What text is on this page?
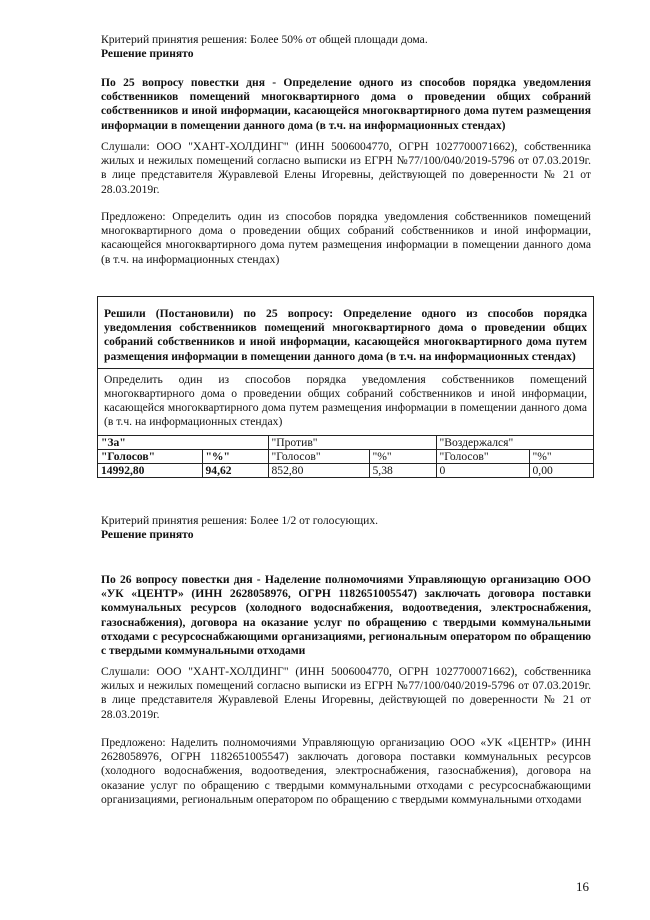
Критерий принятия решения: Более 50% от общей площади дома.

Решение принято

По 25 вопросу повестки дня - Определение одного из способов порядка уведомления собственников помещений многоквартирного дома о проведении общих собраний собственников и иной информации, касающейся многоквартирного дома путем размещения информации в помещении данного дома (в т.ч. на информационных стендах)

Слушали: ООО "ХАНТ-ХОЛДИНГ" (ИНН 5006004770, ОГРН 1027700071662), собственника жилых и нежилых помещений согласно выписки из ЕГРН №77/100/040/2019-5796 от 07.03.2019г. в лице представителя Журавлевой Елены Игоревны, действующей по доверенности № 21 от 28.03.2019г.

Предложено: Определить один из способов порядка уведомления собственников помещений многоквартирного дома о проведении общих собраний собственников и иной информации, касающейся многоквартирного дома путем размещения информации в помещении данного дома (в т.ч. на информационных стендах)

Решили (Постановили) по 25 вопросу: Определение одного из способов порядка уведомления собственников помещений многоквартирного дома о проведении общих собраний собственников и иной информации, касающейся многоквартирного дома путем размещения информации в помещении данного дома (в т.ч. на информационных стендах)
Определить один из способов порядка уведомления собственников помещений многоквартирного дома о проведении общих собраний собственников и иной информации, касающейся многоквартирного дома путем размещения информации в помещении данного дома (в т.ч. на информационных стендах)
"За"		"Против"		"Воздержался"	
"Голосов"	"%"	"Голосов"	"%"	"Голосов"	"%"
14992,80	94,62	852,80	5,38	0	0,00

Критерий принятия решения: Более 1/2 от голосующих.

Решение принято

По 26 вопросу повестки дня - Наделение полномочиями Управляющую организацию ООО «УК «ЦЕНТР» (ИНН 2628058976, ОГРН 1182651005547) заключать договора поставки коммунальных ресурсов (холодного водоснабжения, водоотведения, электроснабжения, газоснабжения), договора на оказание услуг по обращению с твердыми коммунальными отходами с ресурсоснабжающими организациями, региональным оператором по обращению с твердыми коммунальными отходами

Слушали: ООО "ХАНТ-ХОЛДИНГ" (ИНН 5006004770, ОГРН 1027700071662), собственника жилых и нежилых помещений согласно выписки из ЕГРН №77/100/040/2019-5796 от 07.03.2019г. в лице представителя Журавлевой Елены Игоревны, действующей по доверенности № 21 от 28.03.2019г.

Предложено: Наделить полномочиями Управляющую организацию ООО «УК «ЦЕНТР» (ИНН 2628058976, ОГРН 1182651005547) заключать договора поставки коммунальных ресурсов (холодного водоснабжения, водоотведения, электроснабжения, газоснабжения), договора на оказание услуг по обращению с твердыми коммунальными отходами с ресурсоснабжающими организациями, региональным оператором по обращению с твердыми коммунальными отходами

16
